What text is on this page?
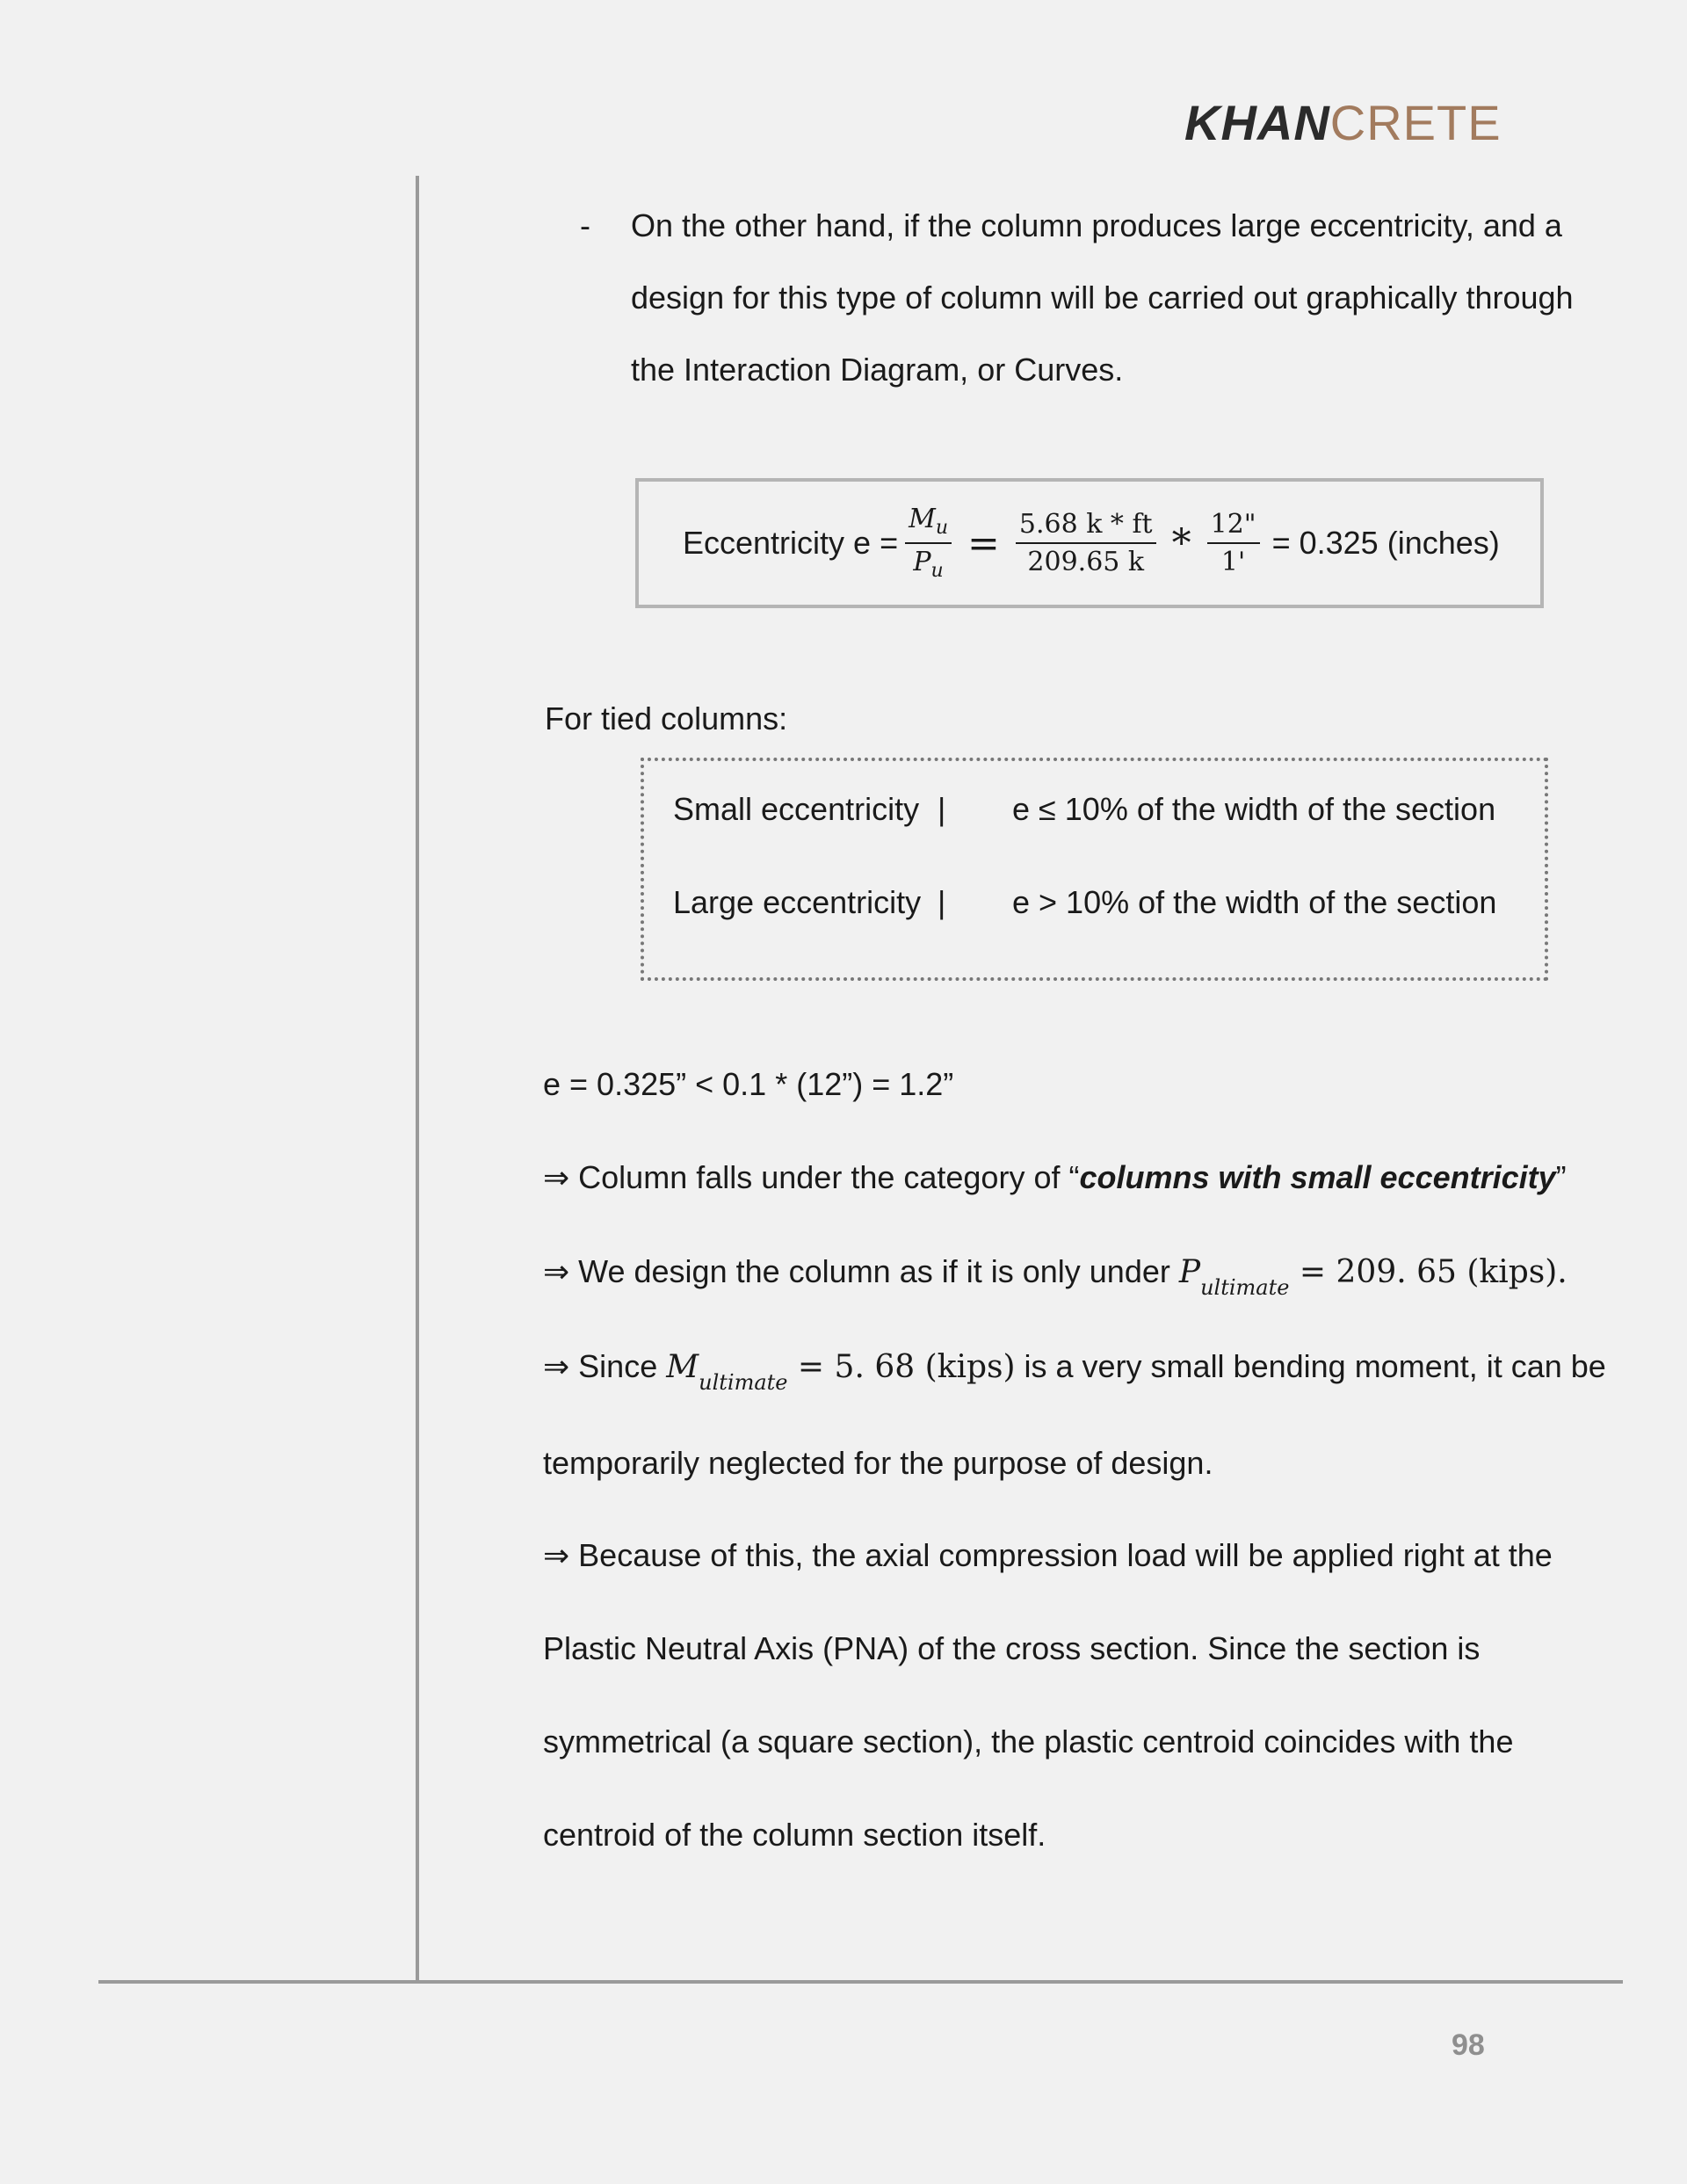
KHANCRETE
- On the other hand, if the column produces large eccentricity, and a
design for this type of column will be carried out graphically through
the Interaction Diagram, or Curves.
Eccentricity $e = \frac{M_u}{P_u} = \frac{5.68 k * ft}{209.65 k} * \frac{12"}{1'} = 0.325$ (inches)
For tied columns:
Small eccentricity | e ≤ 10% of the width of the section
Large eccentricity | e > 10% of the width of the section
e = 0.325” < 0.1 * (12”) = 1.2”
⇒ Column falls under the category of “columns with small eccentricity”
⇒ We design the column as if it is only under $P_{ultimate} = 209$. 65 (kips).
⇒ Since $M_{ultimate} = 5$. 68 (kips) is a very small bending moment, it can be
temporarily neglected for the purpose of design.
⇒ Because of this, the axial compression load will be applied right at the
Plastic Neutral Axis (PNA) of the cross section. Since the section is
symmetrical (a square section), the plastic centroid coincides with the
centroid of the column section itself.
98
